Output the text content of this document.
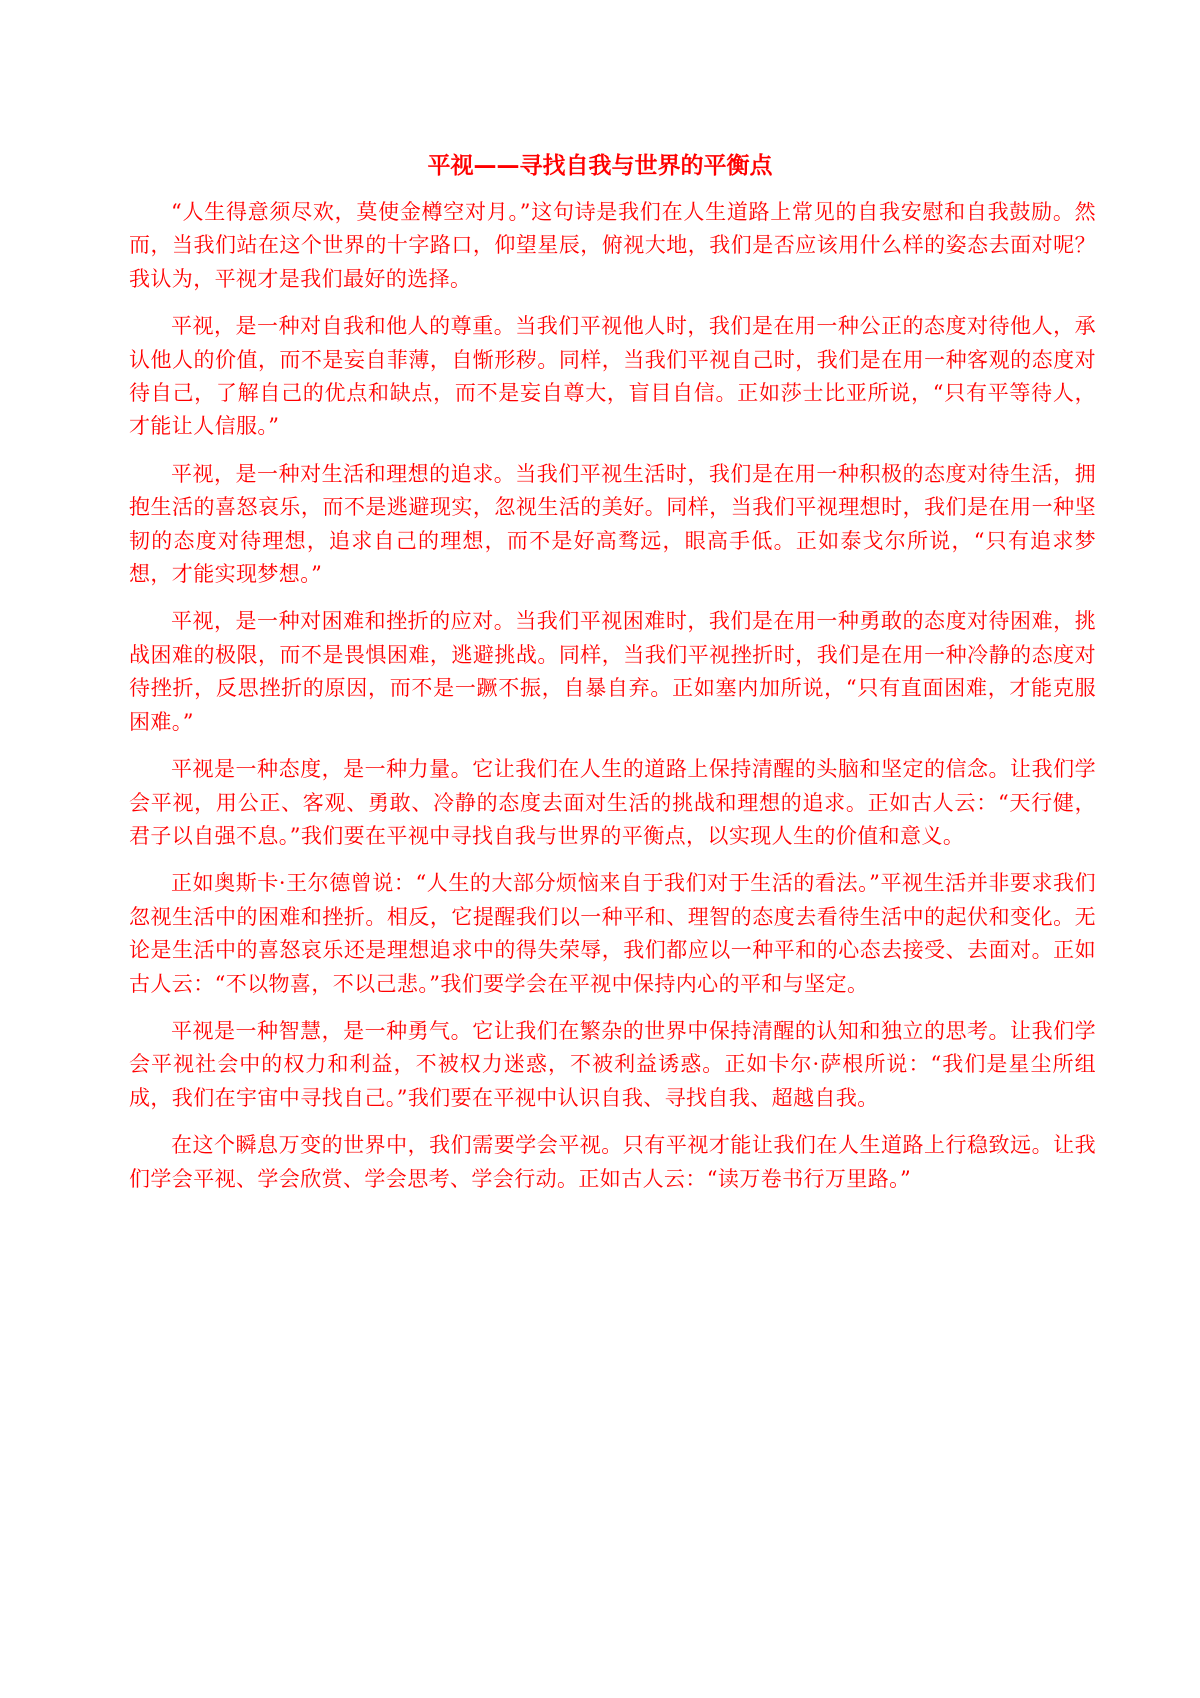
平视——寻找自我与世界的平衡点

“人生得意须尽欢，莫使金樽空对月。”这句诗是我们在人生道路上常见的自我安慰和自我鼓励。然而，当我们站在这个世界的十字路口，仰望星辰，俯视大地，我们是否应该用什么样的姿态去面对呢？我认为，平视才是我们最好的选择。

平视，是一种对自我和他人的尊重。当我们平视他人时，我们是在用一种公正的态度对待他人，承认他人的价值，而不是妄自菲薄，自惭形秽。同样，当我们平视自己时，我们是在用一种客观的态度对待自己，了解自己的优点和缺点，而不是妄自尊大，盲目自信。正如莎士比亚所说，“只有平等待人，才能让人信服。”

平视，是一种对生活和理想的追求。当我们平视生活时，我们是在用一种积极的态度对待生活，拥抱生活的喜怒哀乐，而不是逃避现实，忽视生活的美好。同样，当我们平视理想时，我们是在用一种坚韧的态度对待理想，追求自己的理想，而不是好高骛远，眼高手低。正如泰戈尔所说，“只有追求梦想，才能实现梦想。”

平视，是一种对困难和挫折的应对。当我们平视困难时，我们是在用一种勇敢的态度对待困难，挑战困难的极限，而不是畏惧困难，逃避挑战。同样，当我们平视挫折时，我们是在用一种冷静的态度对待挫折，反思挫折的原因，而不是一蹶不振，自暴自弃。正如塞内加所说，“只有直面困难，才能克服困难。”

平视是一种态度，是一种力量。它让我们在人生的道路上保持清醒的头脑和坚定的信念。让我们学会平视，用公正、客观、勇敢、冷静的态度去面对生活的挑战和理想的追求。正如古人云：“天行健，君子以自强不息。”我们要在平视中寻找自我与世界的平衡点，以实现人生的价值和意义。

正如奥斯卡·王尔德曾说：“人生的大部分烦恼来自于我们对于生活的看法。”平视生活并非要求我们忽视生活中的困难和挫折。相反，它提醒我们以一种平和、理智的态度去看待生活中的起伏和变化。无论是生活中的喜怒哀乐还是理想追求中的得失荣辱，我们都应以一种平和的心态去接受、去面对。正如古人云：“不以物喜，不以己悲。”我们要学会在平视中保持内心的平和与坚定。

平视是一种智慧，是一种勇气。它让我们在繁杂的世界中保持清醒的认知和独立的思考。让我们学会平视社会中的权力和利益，不被权力迷惑，不被利益诱惑。正如卡尔·萨根所说：“我们是星尘所组成，我们在宇宙中寻找自己。”我们要在平视中认识自我、寻找自我、超越自我。

在这个瞬息万变的世界中，我们需要学会平视。只有平视才能让我们在人生道路上行稳致远。让我们学会平视、学会欣赏、学会思考、学会行动。正如古人云：“读万卷书行万里路。”
